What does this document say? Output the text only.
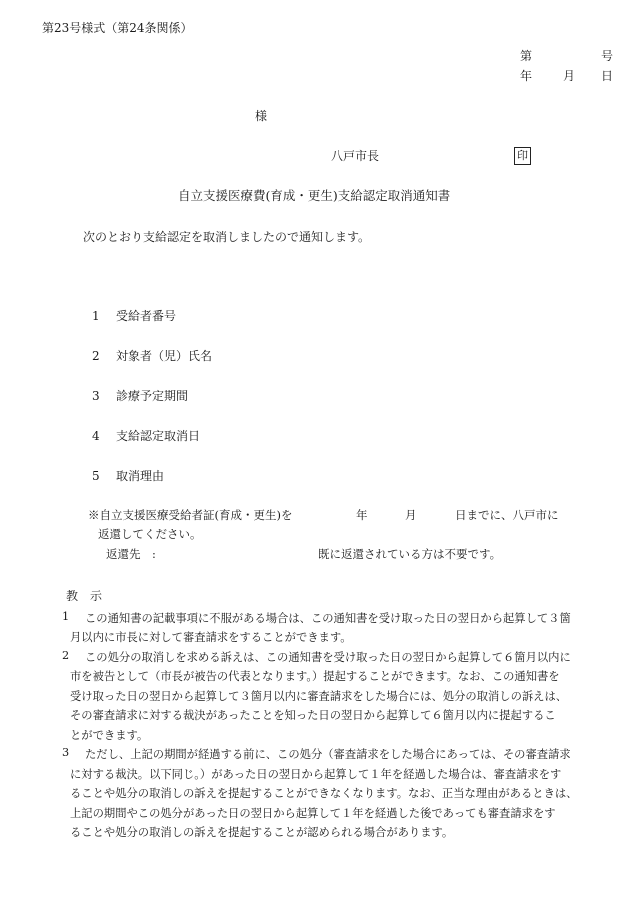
第23号様式（第24条関係）
第	号
年	月 日
様
八戸市長	印
自立支援医療費(育成・更生)支給認定取消通知書
次のとおり支給認定を取消しましたので通知します。
1 受給者番号
2 対象者（児）氏名
3 診療予定期間
4 支給認定取消日
5 取消理由
※自立支援医療受給者証(育成・更生)を	年	月	日までに、八戸市に
返還してください。
返還先　:	既に返還されている方は不要です。
教　示
1 この通知書の記載事項に不服がある場合は、この通知書を受け取った日の翌日から起算して３箇
月以内に市長に対して審査請求をすることができます。
2 この処分の取消しを求める訴えは、この通知書を受け取った日の翌日から起算して６箇月以内に
市を被告として（市長が被告の代表となります。）提起することができます。なお、この通知書を
受け取った日の翌日から起算して３箇月以内に審査請求をした場合には、処分の取消しの訴えは、
その審査請求に対する裁決があったことを知った日の翌日から起算して６箇月以内に提起するこ
とができます。
3 ただし、上記の期間が経過する前に、この処分（審査請求をした場合にあっては、その審査請求
に対する裁決。以下同じ。）があった日の翌日から起算して１年を経過した場合は、審査請求をす
ることや処分の取消しの訴えを提起することができなくなります。なお、正当な理由があるときは、
上記の期間やこの処分があった日の翌日から起算して１年を経過した後であっても審査請求をす
ることや処分の取消しの訴えを提起することが認められる場合があります。
